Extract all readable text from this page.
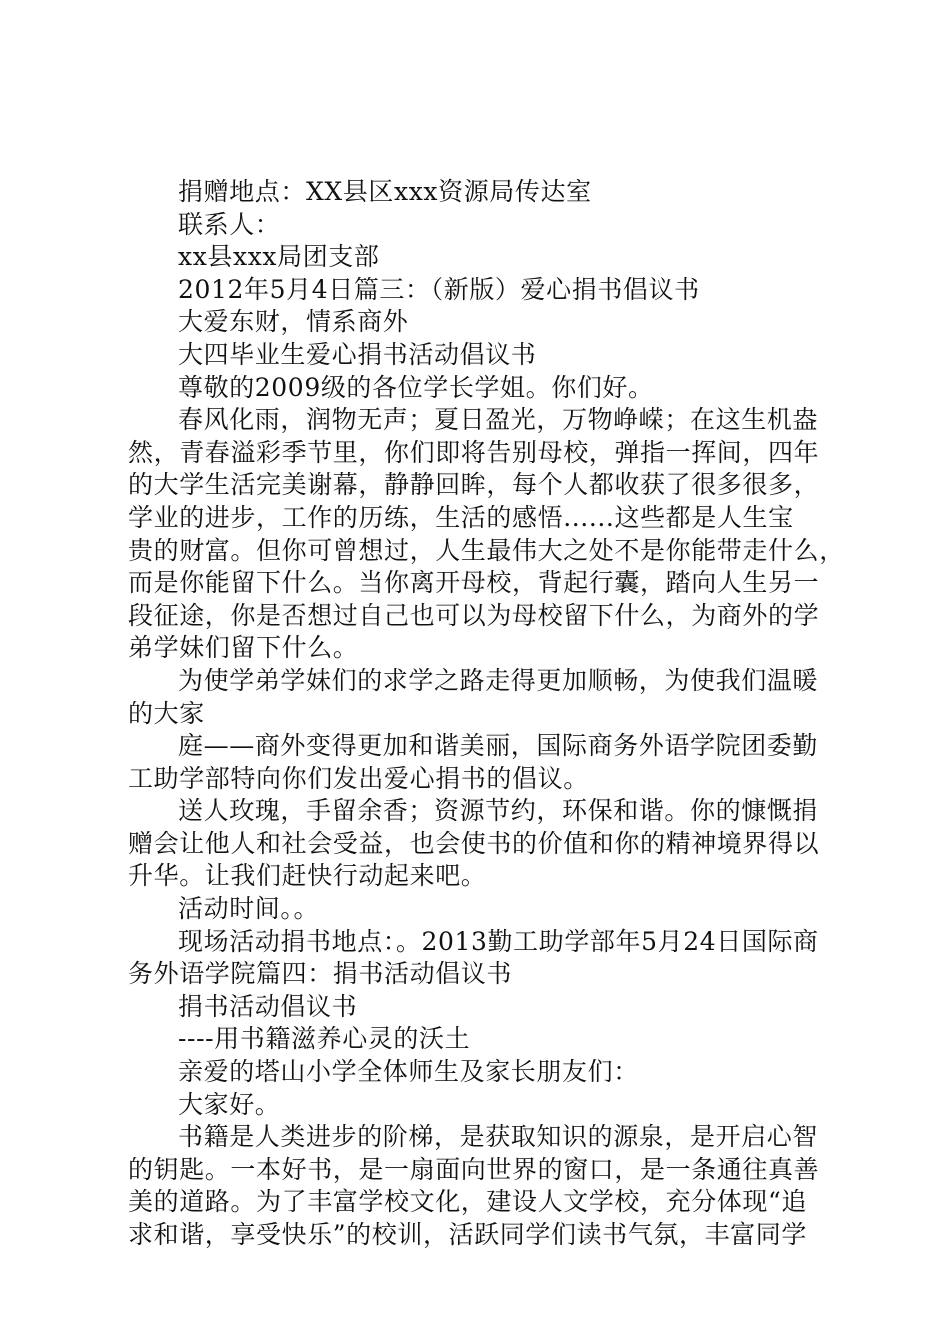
捐赠地点：XX县区xxx资源局传达室
联系人：
xx县xxx局团支部
2012年5月4日篇三：（新版）爱心捐书倡议书
大爱东财，情系商外
大四毕业生爱心捐书活动倡议书
尊敬的2009级的各位学长学姐。你们好。
春风化雨，润物无声；夏日盈光，万物峥嵘；在这生机盎
然，青春溢彩季节里，你们即将告别母校，弹指一挥间，四年
的大学生活完美谢幕，静静回眸，每个人都收获了很多很多，
学业的进步，工作的历练，生活的感悟......这些都是人生宝
贵的财富。但你可曾想过，人生最伟大之处不是你能带走什么，
而是你能留下什么。当你离开母校，背起行囊，踏向人生另一
段征途，你是否想过自己也可以为母校留下什么，为商外的学
弟学妹们留下什么。
为使学弟学妹们的求学之路走得更加顺畅，为使我们温暖
的大家
庭——商外变得更加和谐美丽，国际商务外语学院团委勤
工助学部特向你们发出爱心捐书的倡议。
送人玫瑰，手留余香；资源节约，环保和谐。你的慷慨捐
赠会让他人和社会受益，也会使书的价值和你的精神境界得以
升华。让我们赶快行动起来吧。
活动时间。。
现场活动捐书地点：。2013勤工助学部年5月24日国际商
务外语学院篇四：捐书活动倡议书
捐书活动倡议书
----用书籍滋养心灵的沃土
亲爱的塔山小学全体师生及家长朋友们：
大家好。
书籍是人类进步的阶梯，是获取知识的源泉，是开启心智
的钥匙。一本好书，是一扇面向世界的窗口，是一条通往真善
美的道路。为了丰富学校文化，建设人文学校，充分体现“追
求和谐，享受快乐”的校训，活跃同学们读书气氛，丰富同学
